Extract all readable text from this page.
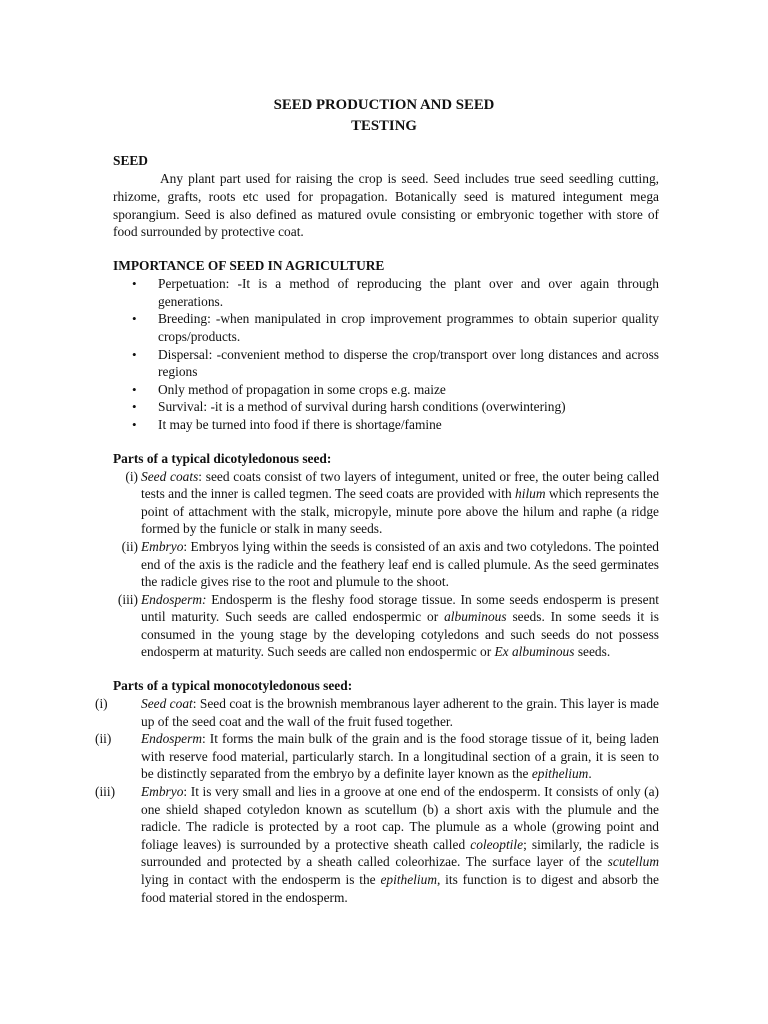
SEED PRODUCTION AND SEED
TESTING
SEED
Any plant part used for raising the crop is seed. Seed includes true seed seedling cutting, rhizome, grafts, roots etc used for propagation. Botanically seed is matured integument mega sporangium. Seed is also defined as matured ovule consisting or embryonic together with store of food surrounded by protective coat.
IMPORTANCE OF SEED IN AGRICULTURE
• Perpetuation: -It is a method of reproducing the plant over and over again through generations.
• Breeding: -when manipulated in crop improvement programmes to obtain superior quality crops/products.
• Dispersal: -convenient method to disperse the crop/transport over long distances and across regions
• Only method of propagation in some crops e.g. maize
• Survival: -it is a method of survival during harsh conditions (overwintering)
• It may be turned into food if there is shortage/famine
Parts of a typical dicotyledonous seed:
(i) Seed coats: seed coats consist of two layers of integument, united or free, the outer being called tests and the inner is called tegmen. The seed coats are provided with hilum which represents the point of attachment with the stalk, micropyle, minute pore above the hilum and raphe (a ridge formed by the funicle or stalk in many seeds.
(ii) Embryo: Embryos lying within the seeds is consisted of an axis and two cotyledons. The pointed end of the axis is the radicle and the feathery leaf end is called plumule. As the seed germinates the radicle gives rise to the root and plumule to the shoot.
(iii) Endosperm: Endosperm is the fleshy food storage tissue. In some seeds endosperm is present until maturity. Such seeds are called endospermic or albuminous seeds. In some seeds it is consumed in the young stage by the developing cotyledons and such seeds do not possess endosperm at maturity. Such seeds are called non endospermic or Ex albuminous seeds.
Parts of a typical monocotyledonous seed:
(i) Seed coat: Seed coat is the brownish membranous layer adherent to the grain. This layer is made up of the seed coat and the wall of the fruit fused together.
(ii) Endosperm: It forms the main bulk of the grain and is the food storage tissue of it, being laden with reserve food material, particularly starch. In a longitudinal section of a grain, it is seen to be distinctly separated from the embryo by a definite layer known as the epithelium.
(iii) Embryo: It is very small and lies in a groove at one end of the endosperm. It consists of only (a) one shield shaped cotyledon known as scutellum (b) a short axis with the plumule and the radicle. The radicle is protected by a root cap. The plumule as a whole (growing point and foliage leaves) is surrounded by a protective sheath called coleoptile; similarly, the radicle is surrounded and protected by a sheath called coleorhizae. The surface layer of the scutellum lying in contact with the endosperm is the epithelium, its function is to digest and absorb the food material stored in the endosperm.
